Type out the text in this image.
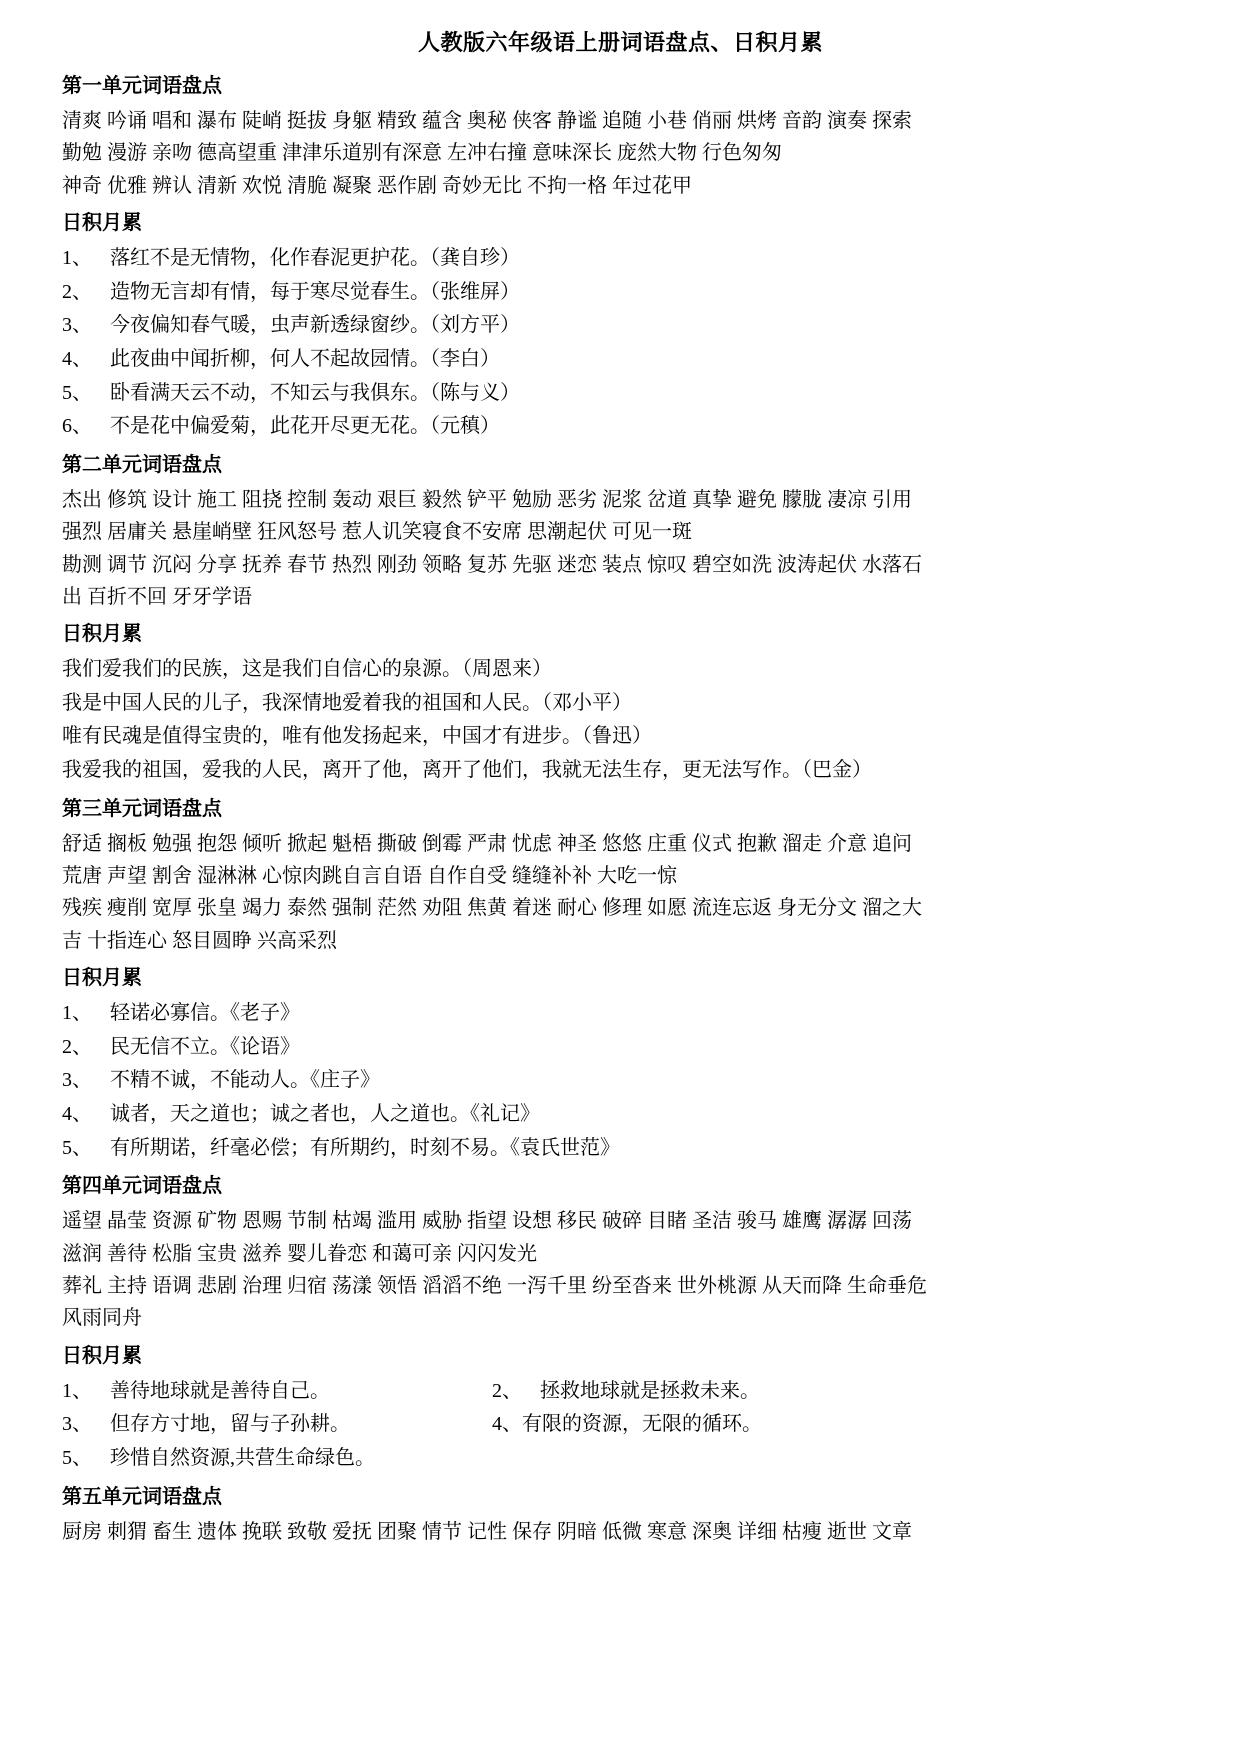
人教版六年级语上册词语盘点、日积月累
第一单元词语盘点
清爽 吟诵 唱和 瀑布 陡峭 挺拔 身躯 精致 蕴含 奥秘 侠客 静谧 追随 小巷 俏丽 烘烤 音韵 演奏 探索
勤勉 漫游 亲吻 德高望重 津津乐道别有深意 左冲右撞 意味深长 庞然大物 行色匆匆
神奇 优雅 辨认 清新 欢悦 清脆 凝聚 恶作剧 奇妙无比 不拘一格 年过花甲
日积月累
1、 落红不是无情物，化作春泥更护花。（龚自珍）
2、 造物无言却有情，每于寒尽觉春生。（张维屏）
3、 今夜偏知春气暖，虫声新透绿窗纱。（刘方平）
4、 此夜曲中闻折柳，何人不起故园情。（李白）
5、 卧看满天云不动，不知云与我俱东。（陈与义）
6、 不是花中偏爱菊，此花开尽更无花。（元稹）
第二单元词语盘点
杰出 修筑 设计 施工 阻挠 控制 轰动 艰巨 毅然 铲平 勉励 恶劣 泥浆 岔道 真挚 避免 朦胧 凄凉 引用
强烈 居庸关 悬崖峭壁 狂风怒号 惹人讥笑寝食不安席 思潮起伏 可见一斑
勘测 调节 沉闷 分享 抚养 春节 热烈 刚劲 领略 复苏 先驱 迷恋 装点 惊叹 碧空如洗 波涛起伏 水落石
出 百折不回 牙牙学语
日积月累
我们爱我们的民族，这是我们自信心的泉源。（周恩来）
我是中国人民的儿子，我深情地爱着我的祖国和人民。（邓小平）
唯有民魂是值得宝贵的，唯有他发扬起来，中国才有进步。（鲁迅）
我爱我的祖国，爱我的人民，离开了他，离开了他们，我就无法生存，更无法写作。（巴金）
第三单元词语盘点
舒适 搁板 勉强 抱怨 倾听 掀起 魁梧 撕破 倒霉 严肃 忧虑 神圣 悠悠 庄重 仪式 抱歉 溜走 介意 追问
荒唐 声望 割舍 湿淋淋 心惊肉跳自言自语 自作自受 缝缝补补 大吃一惊
残疾 瘦削 宽厚 张皇 竭力 泰然 强制 茫然 劝阻 焦黄 着迷 耐心 修理 如愿 流连忘返 身无分文 溜之大
吉 十指连心 怒目圆睁 兴高采烈
日积月累
1、 轻诺必寡信。《老子》
2、 民无信不立。《论语》
3、 不精不诚，不能动人。《庄子》
4、 诚者，天之道也；诚之者也，人之道也。《礼记》
5、 有所期诺，纤毫必偿；有所期约，时刻不易。《袁氏世范》
第四单元词语盘点
遥望 晶莹 资源 矿物 恩赐 节制 枯竭 滥用 威胁 指望 设想 移民 破碎 目睹 圣洁 骏马 雄鹰 潺潺 回荡
滋润 善待 松脂 宝贵 滋养 婴儿眷恋 和蔼可亲 闪闪发光
葬礼 主持 语调 悲剧 治理 归宿 荡漾 领悟 滔滔不绝 一泻千里 纷至沓来 世外桃源 从天而降 生命垂危
风雨同舟
日积月累
1、 善待地球就是善待自己。	2、 拯救地球就是拯救未来。
3、 但存方寸地，留与子孙耕。	4、有限的资源，无限的循环。
5、 珍惜自然资源,共营生命绿色。
第五单元词语盘点
厨房 刺猬 畜生 遗体 挽联 致敬 爱抚 团聚 情节 记性 保存 阴暗 低微 寒意 深奥 详细 枯瘦 逝世 文章
